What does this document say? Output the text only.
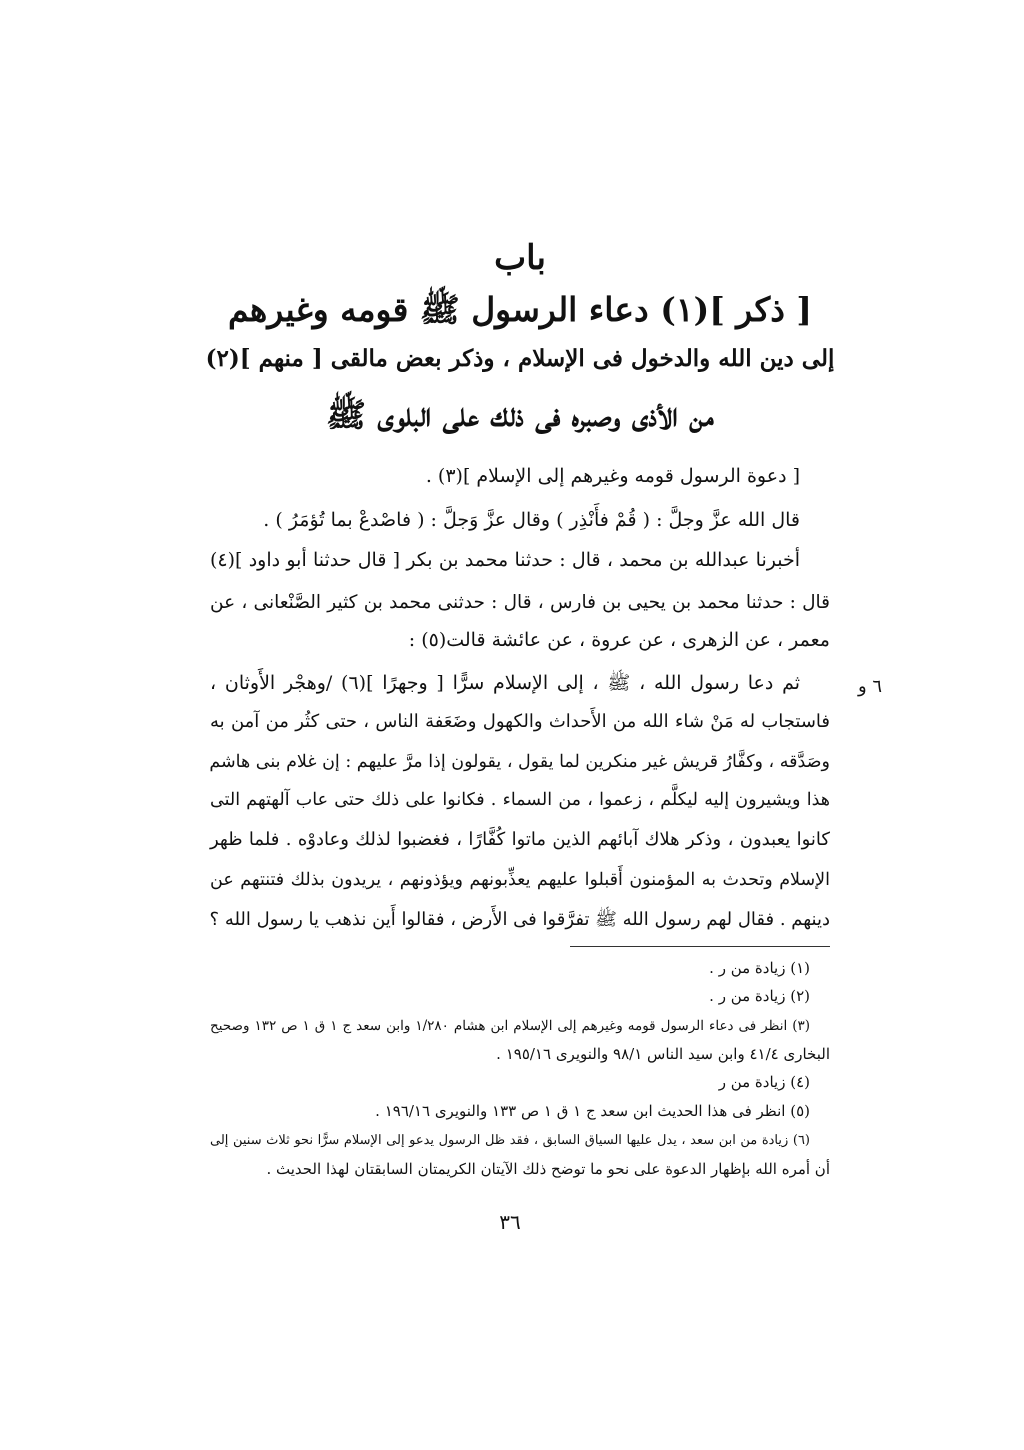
باب
[ ذكر ](١) دعاء الرسول ﷺ قومه وغيرهم
إلى دين الله والدخول فى الإسلام ، وذكر بعض مالقى [ منهم ](٢)
من الأذى وصبره فى ذلك على البلوى ﷺ
[ دعوة الرسول قومه وغيرهم إلى الإسلام ](٣) .
قال الله عزَّ وجلَّ : ( قُمْ فأَنْذِر ) وقال عزَّ وَجلَّ : ( فاصْدعْ بما تُؤمَرُ ) .
أخبرنا عبدالله بن محمد ، قال : حدثنا محمد بن بكر [ قال حدثنا أبو داود ](٤)
قال : حدثنا محمد بن يحيى بن فارس ، قال : حدثنى محمد بن كثير الصَّنْعانى ، عن
معمر ، عن الزهرى ، عن عروة ، عن عائشة قالت(٥) :
ثم دعا رسول الله ، ﷺ ، إلى الإسلام سرًّا [ وجهرًا ](٦) /وهجْر الأَوثان ،
فاستجاب له مَنْ شاء الله من الأَحداث والكهول وضَعَفة الناس ، حتى كثُر من آمن به
وصَدَّقه ، وكفَّارُ قريش غير منكرين لما يقول ، يقولون إذا مرَّ عليهم : إن غلام بنى هاشم
هذا ويشيرون إليه ليكلَّم ، زعموا ، من السماء . فكانوا على ذلك حتى عاب آلهتهم التى
كانوا يعبدون ، وذكر هلاك آبائهم الذين ماتوا كُفَّارًا ، فغضبوا لذلك وعادوْه . فلما ظهر
الإسلام وتحدث به المؤمنون أَقبلوا عليهم يعذِّبونهم ويؤذونهم ، يريدون بذلك فتنتهم عن
دينهم . فقال لهم رسول الله ﷺ تفرَّقوا فى الأَرض ، فقالوا أَين نذهب يا رسول الله ؟
٦ و
(١) زيادة من ر .
(٢) زيادة من ر .
(٣) انظر فى دعاء الرسول قومه وغيرهم إلى الإسلام ابن هشام ١/٢٨٠ وابن سعد ج ١ ق ١ ص ١٣٢ وصحيح
البخارى ٤١/٤ وابن سيد الناس ٩٨/١ والنويرى ١٩٥/١٦ .
(٤) زيادة من ر
(٥) انظر فى هذا الحديث ابن سعد ج ١ ق ١ ص ١٣٣ والنويرى ١٩٦/١٦ .
(٦) زيادة من ابن سعد ، يدل عليها السياق السابق ، فقد ظل الرسول يدعو إلى الإسلام سرًّا نحو ثلاث سنين إلى
أن أمره الله بإظهار الدعوة على نحو ما توضح ذلك الآيتان الكريمتان السابقتان لهذا الحديث .
٣٦
